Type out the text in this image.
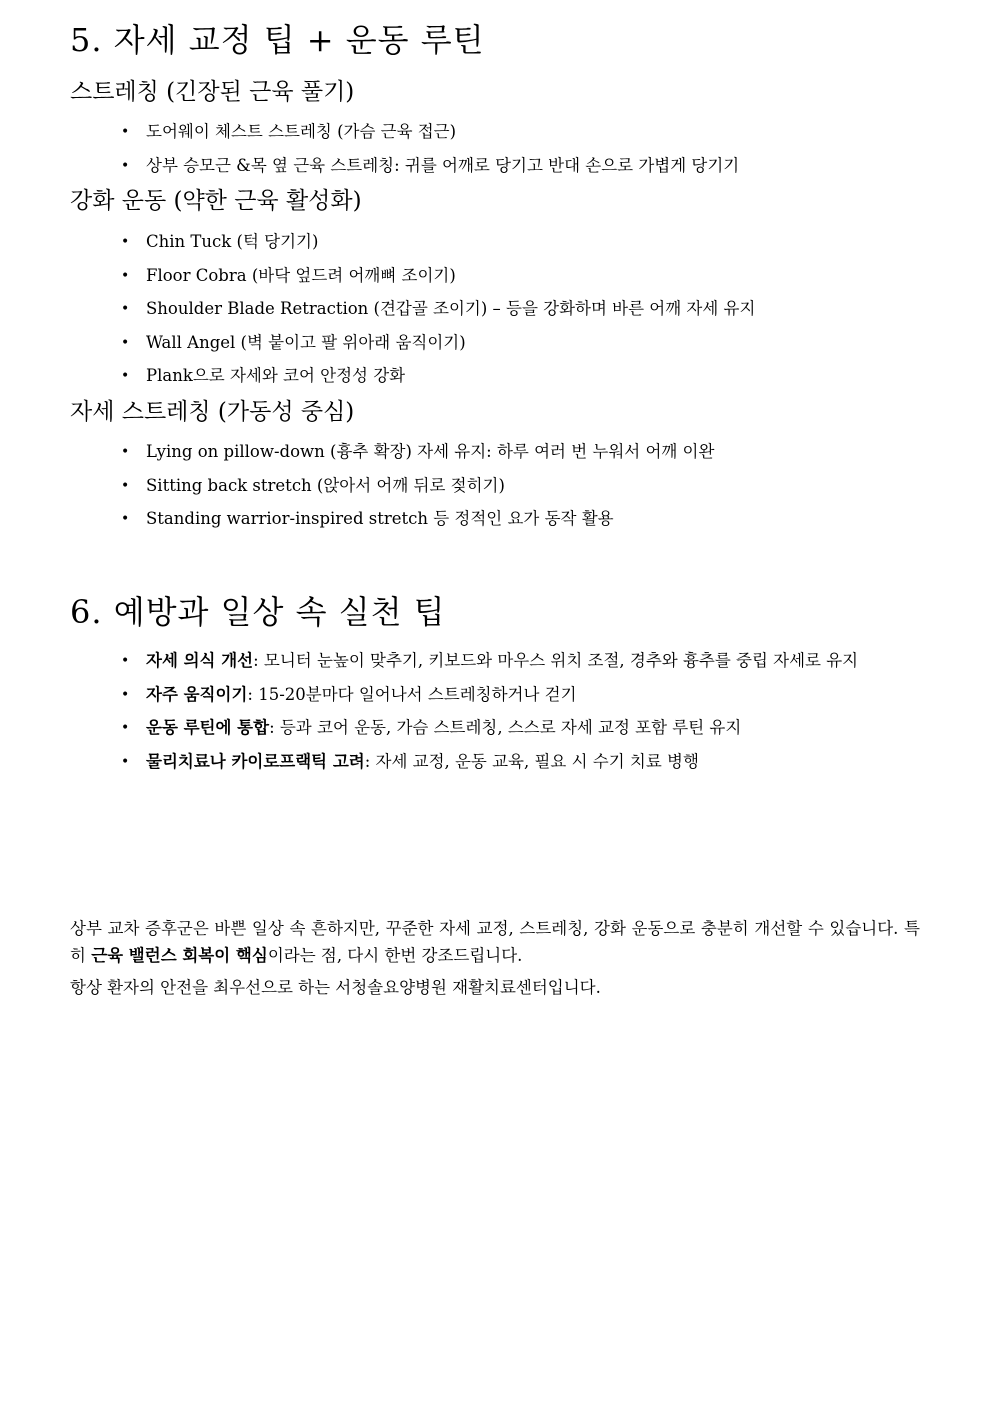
5. 자세 교정 팁 + 운동 루틴
스트레칭 (긴장된 근육 풀기)
• 도어웨이 체스트 스트레칭 (가슴 근육 접근)
• 상부 승모근 &목 옆 근육 스트레칭: 귀를 어깨로 당기고 반대 손으로 가볍게 당기기
강화 운동 (약한 근육 활성화)
• Chin Tuck (턱 당기기)
• Floor Cobra (바닥 엎드려 어깨뼈 조이기)
• Shoulder Blade Retraction (견갑골 조이기) – 등을 강화하며 바른 어깨 자세 유지
• Wall Angel (벽 붙이고 팔 위아래 움직이기)
• Plank으로 자세와 코어 안정성 강화
자세 스트레칭 (가동성 중심)
• Lying on pillow-down (흉추 확장) 자세 유지: 하루 여러 번 누워서 어깨 이완
• Sitting back stretch (앉아서 어깨 뒤로 젖히기)
• Standing warrior-inspired stretch 등 정적인 요가 동작 활용
6. 예방과 일상 속 실천 팁
• 자세 의식 개선: 모니터 눈높이 맞추기, 키보드와 마우스 위치 조절, 경추와 흉추를 중립 자세로 유지
• 자주 움직이기: 15-20분마다 일어나서 스트레칭하거나 걷기
• 운동 루틴에 통합: 등과 코어 운동, 가슴 스트레칭, 스스로 자세 교정 포함 루틴 유지
• 물리치료나 카이로프랙틱 고려: 자세 교정, 운동 교육, 필요 시 수기 치료 병행

상부 교차 증후군은 바쁜 일상 속 흔하지만, 꾸준한 자세 교정, 스트레칭, 강화 운동으로 충분히 개선할 수 있습니다. 특히 근육 밸런스 회복이 핵심이라는 점, 다시 한번 강조드립니다.

항상 환자의 안전을 최우선으로 하는 서청솔요양병원 재활치료센터입니다.
